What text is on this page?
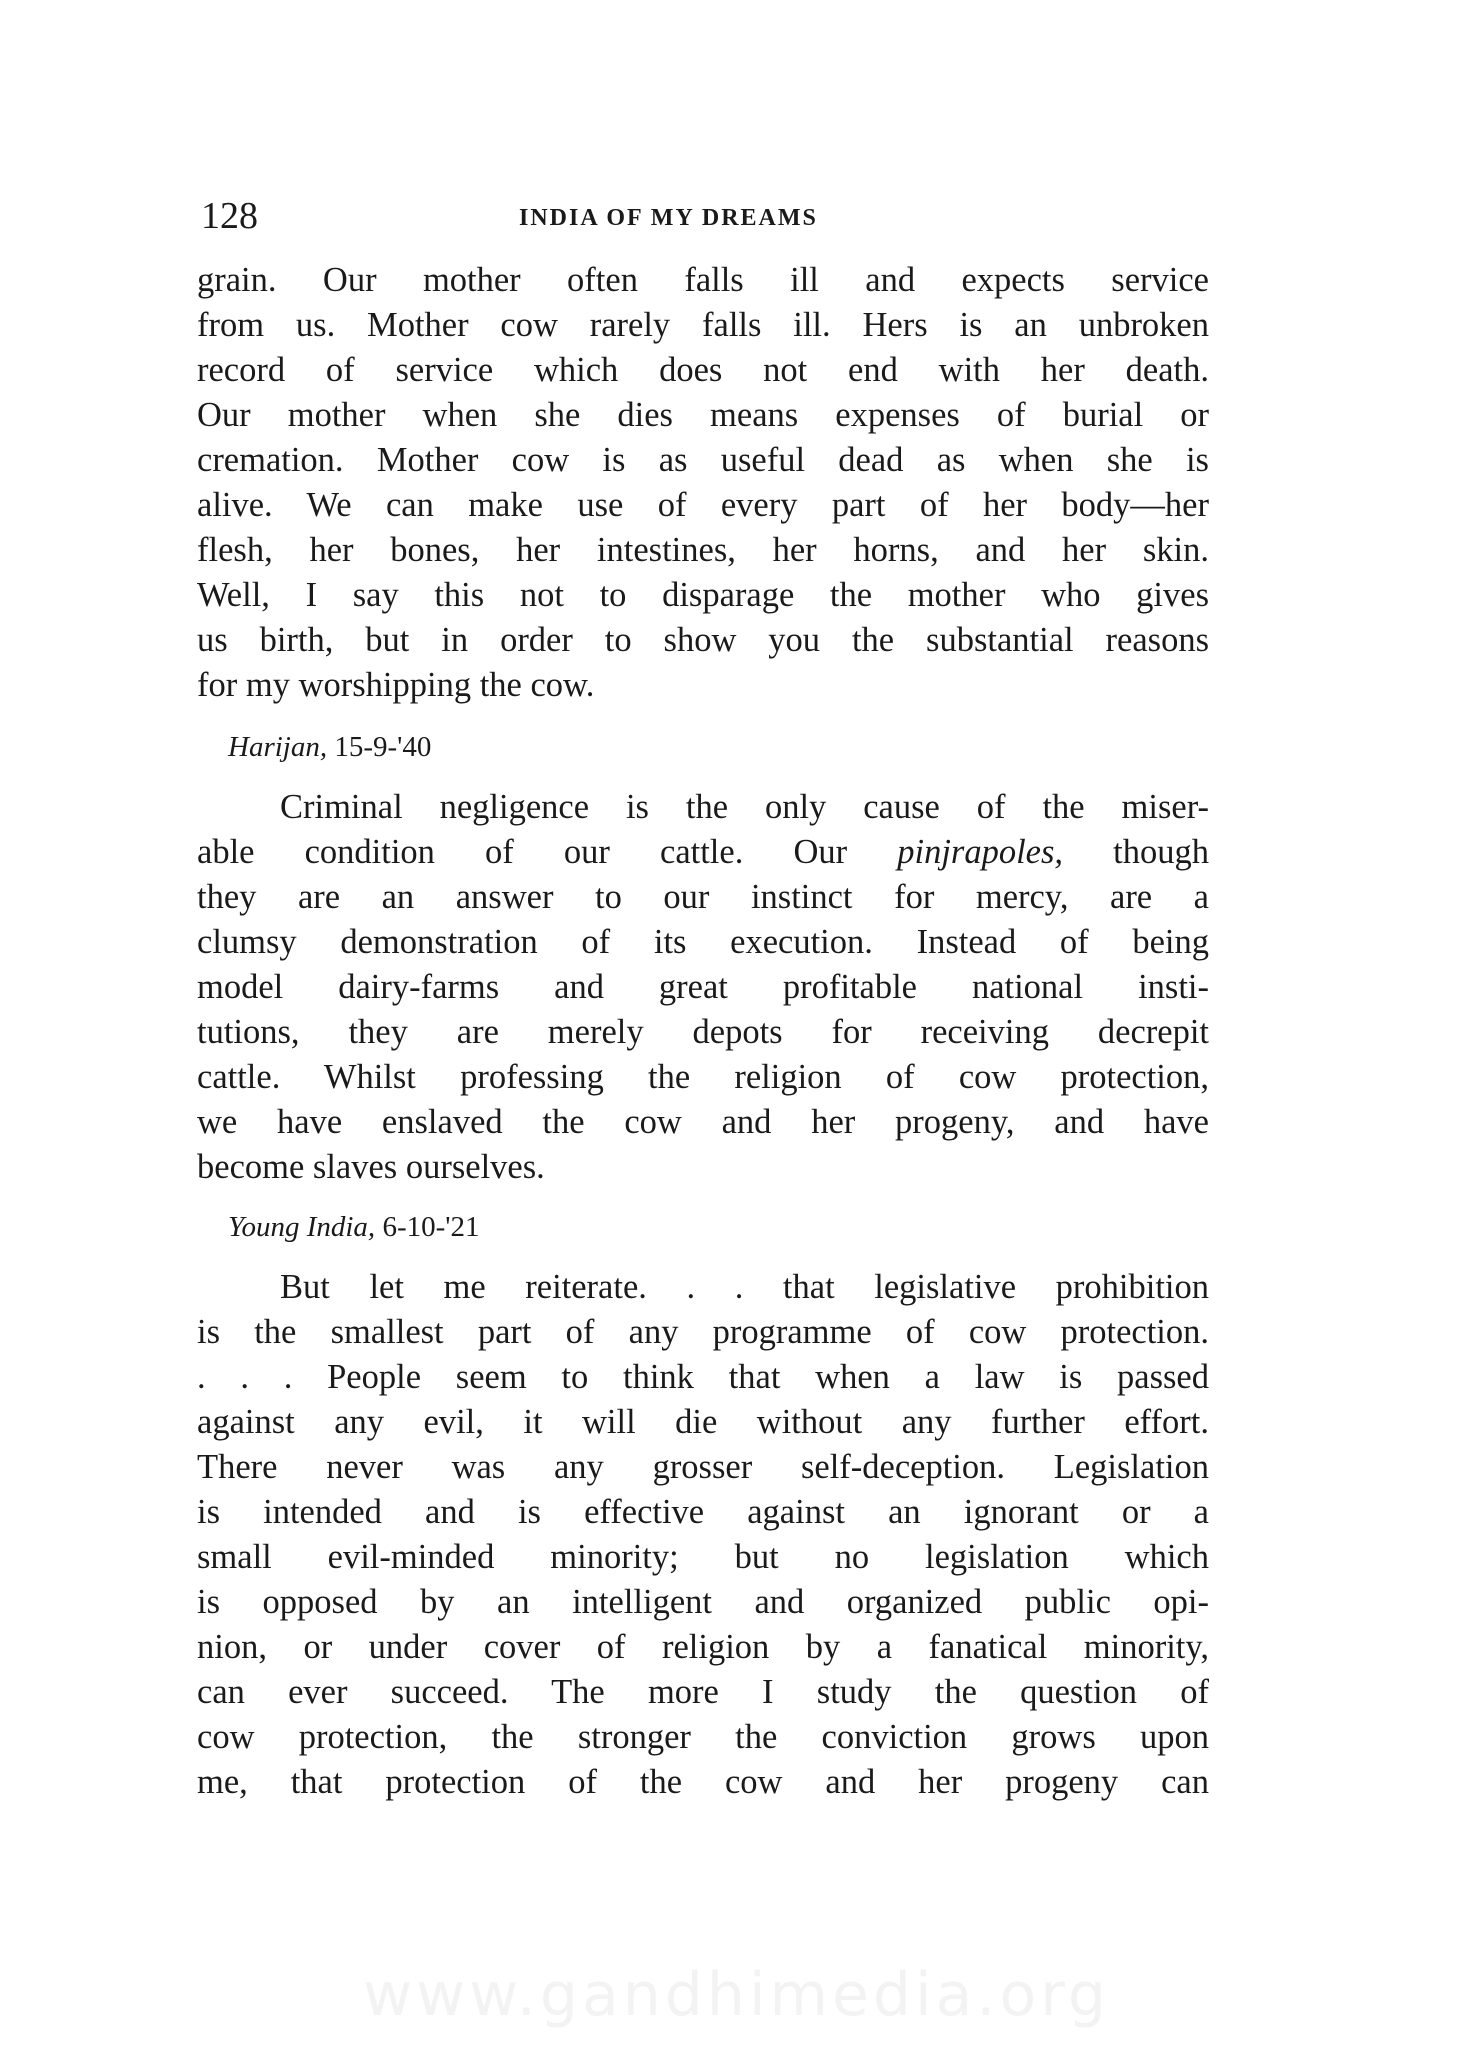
128	INDIA OF MY DREAMS
grain. Our mother often falls ill and expects service
from us. Mother cow rarely falls ill. Hers is an unbroken
record of service which does not end with her death.
Our mother when she dies means expenses of burial or
cremation. Mother cow is as useful dead as when she is
alive. We can make use of every part of her body—her
flesh, her bones, her intestines, her horns, and her skin.
Well, I say this not to disparage the mother who gives
us birth, but in order to show you the substantial reasons
for my worshipping the cow.
Harijan, 15-9-'40
Criminal negligence is the only cause of the miser-
able condition of our cattle. Our pinjrapoles, though
they are an answer to our instinct for mercy, are a
clumsy demonstration of its execution. Instead of being
model dairy-farms and great profitable national insti-
tutions, they are merely depots for receiving decrepit
cattle. Whilst professing the religion of cow protection,
we have enslaved the cow and her progeny, and have
become slaves ourselves.
Young India, 6-10-'21
But let me reiterate. . . that legislative prohibition
is the smallest part of any programme of cow protection.
. . . People seem to think that when a law is passed
against any evil, it will die without any further effort.
There never was any grosser self-deception. Legislation
is intended and is effective against an ignorant or a
small evil-minded minority; but no legislation which
is opposed by an intelligent and organized public opi-
nion, or under cover of religion by a fanatical minority,
can ever succeed. The more I study the question of
cow protection, the stronger the conviction grows upon
me, that protection of the cow and her progeny can
www.gandhimedia.org
